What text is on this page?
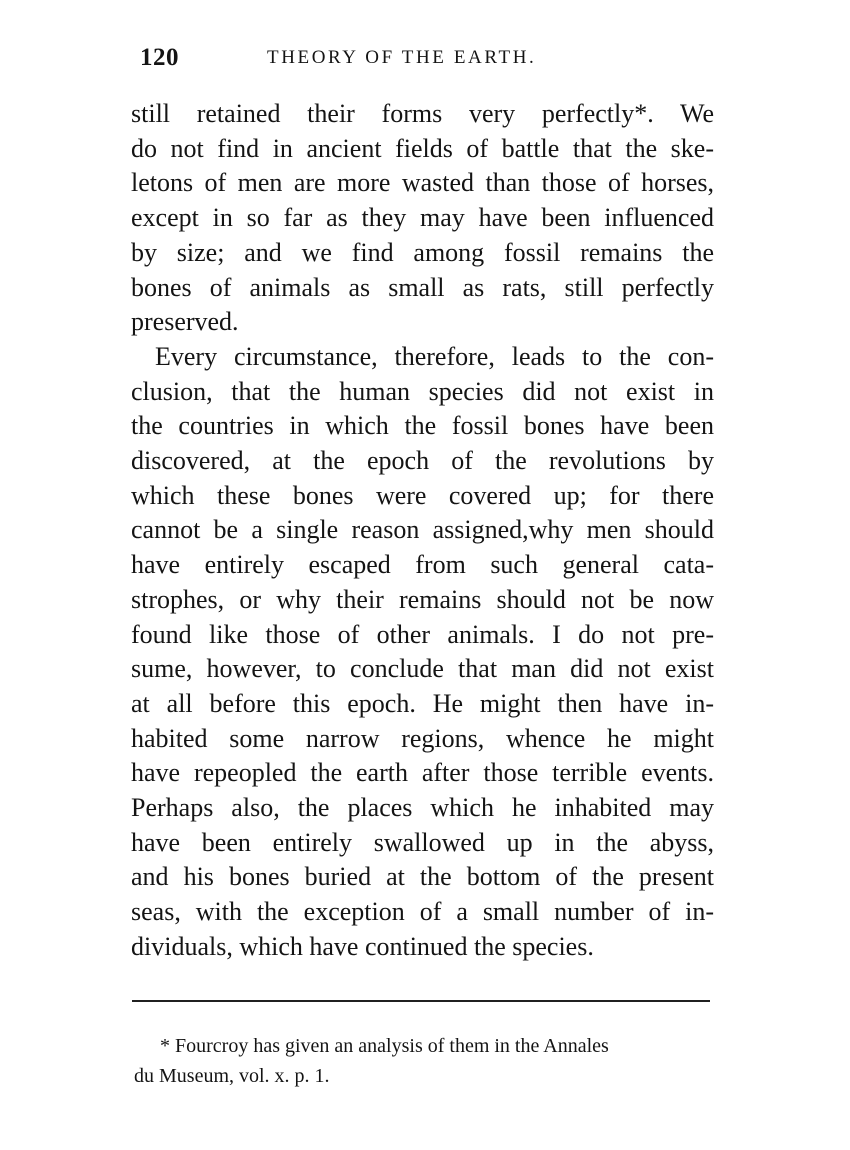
120	THEORY OF THE EARTH.
still retained their forms very perfectly*. We
do not find in ancient fields of battle that the ske-
letons of men are more wasted than those of horses,
except in so far as they may have been influenced
by size; and we find among fossil remains the
bones of animals as small as rats, still perfectly
preserved.
Every circumstance, therefore, leads to the con-
clusion, that the human species did not exist in
the countries in which the fossil bones have been
discovered, at the epoch of the revolutions by
which these bones were covered up; for there
cannot be a single reason assigned,why men should
have entirely escaped from such general cata-
strophes, or why their remains should not be now
found like those of other animals. I do not pre-
sume, however, to conclude that man did not exist
at all before this epoch. He might then have in-
habited some narrow regions, whence he might
have repeopled the earth after those terrible events.
Perhaps also, the places which he inhabited may
have been entirely swallowed up in the abyss,
and his bones buried at the bottom of the present
seas, with the exception of a small number of in-
dividuals, which have continued the species.
* Fourcroy has given an analysis of them in the Annales
du Museum, vol. x. p. 1.
